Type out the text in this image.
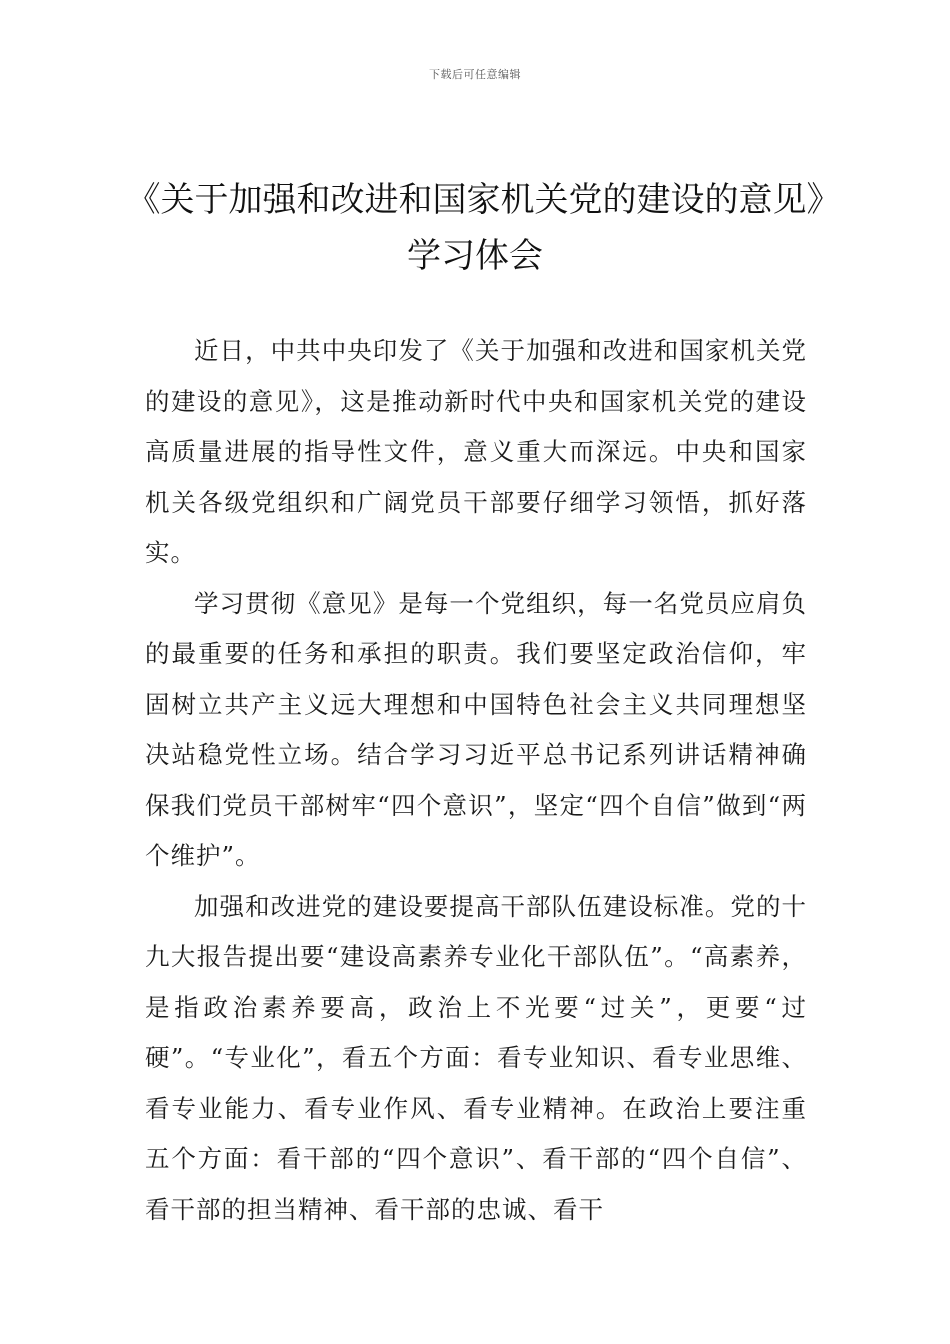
下载后可任意编辑
《关于加强和改进和国家机关党的建设的意见》学习体会

近日，中共中央印发了《关于加强和改进和国家机关党的建设的意见》，这是推动新时代中央和国家机关党的建设高质量进展的指导性文件，意义重大而深远。中央和国家机关各级党组织和广阔党员干部要仔细学习领悟，抓好落实。

学习贯彻《意见》是每一个党组织，每一名党员应肩负的最重要的任务和承担的职责。我们要坚定政治信仰，牢固树立共产主义远大理想和中国特色社会主义共同理想坚决站稳党性立场。结合学习习近平总书记系列讲话精神确保我们党员干部树牢“四个意识”，坚定“四个自信”做到“两个维护”。

加强和改进党的建设要提高干部队伍建设标准。党的十九大报告提出要“建设高素养专业化干部队伍”。“高素养，是指政治素养要高，政治上不光要“过关”，更要“过硬”。“专业化”，看五个方面：看专业知识、看专业思维、看专业能力、看专业作风、看专业精神。在政治上要注重五个方面：看干部的“四个意识”、看干部的“四个自信”、看干部的担当精神、看干部的忠诚、看干
